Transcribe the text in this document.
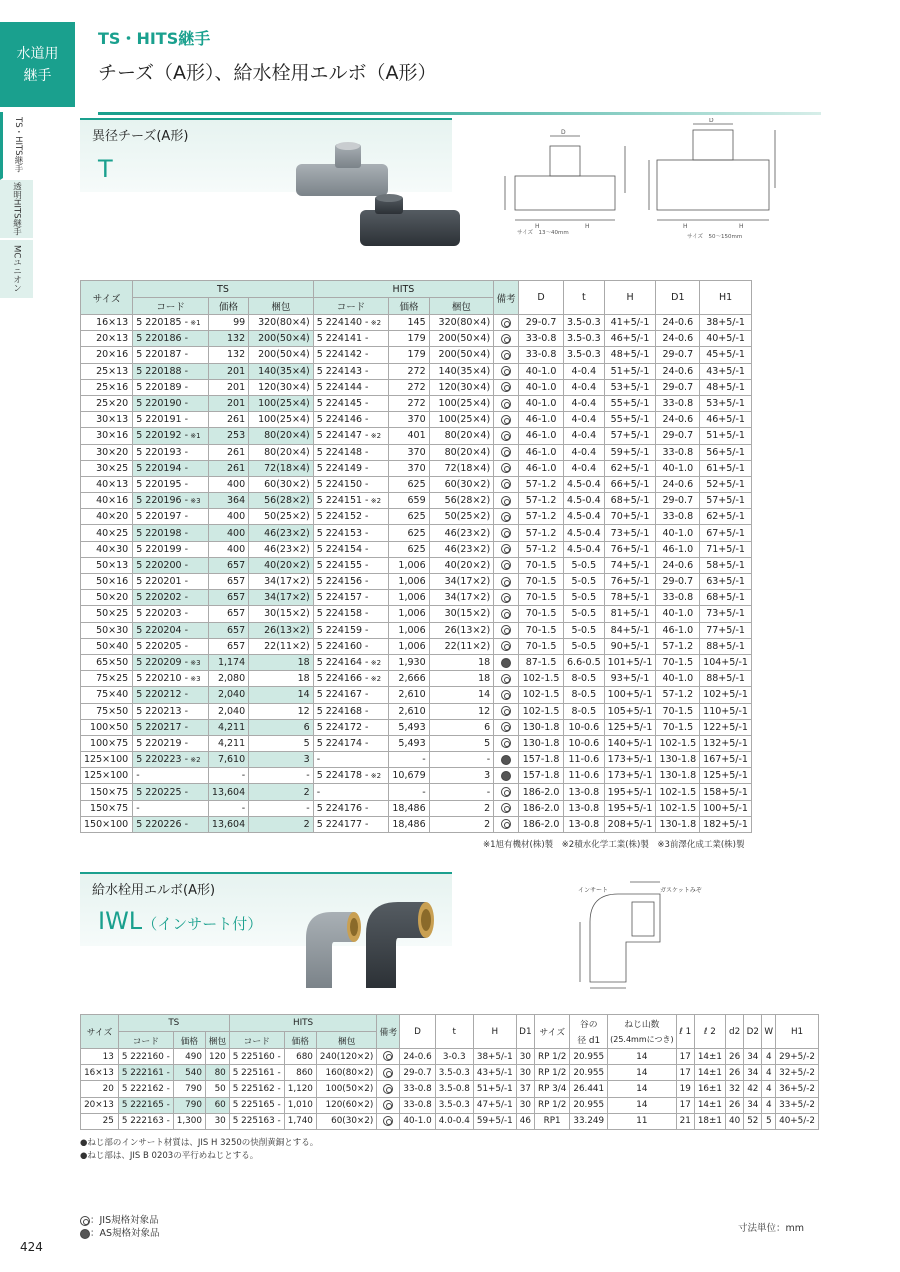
水道用
継手
TS・HITS継手
透明HITS継手
MCユニオン
TS・HITS継手
チーズ（A形）、給水栓用エルボ（A形）
異径チーズ(A形)
T
D
H	H
サイズ　13〜40mm
D
H	H
サイズ　50〜150mm
サイズ	TS			HITS			備考	D	t	H	D1	H1
	コード	価格	梱包	コード	価格	梱包						
16×13	5 220185 - ※1	99	320(80×4)	5 224140 - ※2	145	320(80×4)		29-0.7	3.5-0.3	41+5/-1	24-0.6	38+5/-1
20×13	5 220186 -	132	200(50×4)	5 224141 -	179	200(50×4)		33-0.8	3.5-0.3	46+5/-1	24-0.6	40+5/-1
20×16	5 220187 -	132	200(50×4)	5 224142 -	179	200(50×4)		33-0.8	3.5-0.3	48+5/-1	29-0.7	45+5/-1
25×13	5 220188 -	201	140(35×4)	5 224143 -	272	140(35×4)		40-1.0	4-0.4	51+5/-1	24-0.6	43+5/-1
25×16	5 220189 -	201	120(30×4)	5 224144 -	272	120(30×4)		40-1.0	4-0.4	53+5/-1	29-0.7	48+5/-1
25×20	5 220190 -	201	100(25×4)	5 224145 -	272	100(25×4)		40-1.0	4-0.4	55+5/-1	33-0.8	53+5/-1
30×13	5 220191 -	261	100(25×4)	5 224146 -	370	100(25×4)		46-1.0	4-0.4	55+5/-1	24-0.6	46+5/-1
30×16	5 220192 - ※1	253	80(20×4)	5 224147 - ※2	401	80(20×4)		46-1.0	4-0.4	57+5/-1	29-0.7	51+5/-1
30×20	5 220193 -	261	80(20×4)	5 224148 -	370	80(20×4)		46-1.0	4-0.4	59+5/-1	33-0.8	56+5/-1
30×25	5 220194 -	261	72(18×4)	5 224149 -	370	72(18×4)		46-1.0	4-0.4	62+5/-1	40-1.0	61+5/-1
40×13	5 220195 -	400	60(30×2)	5 224150 -	625	60(30×2)		57-1.2	4.5-0.4	66+5/-1	24-0.6	52+5/-1
40×16	5 220196 - ※3	364	56(28×2)	5 224151 - ※2	659	56(28×2)		57-1.2	4.5-0.4	68+5/-1	29-0.7	57+5/-1
40×20	5 220197 -	400	50(25×2)	5 224152 -	625	50(25×2)		57-1.2	4.5-0.4	70+5/-1	33-0.8	62+5/-1
40×25	5 220198 -	400	46(23×2)	5 224153 -	625	46(23×2)		57-1.2	4.5-0.4	73+5/-1	40-1.0	67+5/-1
40×30	5 220199 -	400	46(23×2)	5 224154 -	625	46(23×2)		57-1.2	4.5-0.4	76+5/-1	46-1.0	71+5/-1
50×13	5 220200 -	657	40(20×2)	5 224155 -	1,006	40(20×2)		70-1.5	5-0.5	74+5/-1	24-0.6	58+5/-1
50×16	5 220201 -	657	34(17×2)	5 224156 -	1,006	34(17×2)		70-1.5	5-0.5	76+5/-1	29-0.7	63+5/-1
50×20	5 220202 -	657	34(17×2)	5 224157 -	1,006	34(17×2)		70-1.5	5-0.5	78+5/-1	33-0.8	68+5/-1
50×25	5 220203 -	657	30(15×2)	5 224158 -	1,006	30(15×2)		70-1.5	5-0.5	81+5/-1	40-1.0	73+5/-1
50×30	5 220204 -	657	26(13×2)	5 224159 -	1,006	26(13×2)		70-1.5	5-0.5	84+5/-1	46-1.0	77+5/-1
50×40	5 220205 -	657	22(11×2)	5 224160 -	1,006	22(11×2)		70-1.5	5-0.5	90+5/-1	57-1.2	88+5/-1
65×50	5 220209 - ※3	1,174	18	5 224164 - ※2	1,930	18		87-1.5	6.6-0.5	101+5/-1	70-1.5	104+5/-1
75×25	5 220210 - ※3	2,080	18	5 224166 - ※2	2,666	18		102-1.5	8-0.5	93+5/-1	40-1.0	88+5/-1
75×40	5 220212 -	2,040	14	5 224167 -	2,610	14		102-1.5	8-0.5	100+5/-1	57-1.2	102+5/-1
75×50	5 220213 -	2,040	12	5 224168 -	2,610	12		102-1.5	8-0.5	105+5/-1	70-1.5	110+5/-1
100×50	5 220217 -	4,211	6	5 224172 -	5,493	6		130-1.8	10-0.6	125+5/-1	70-1.5	122+5/-1
100×75	5 220219 -	4,211	5	5 224174 -	5,493	5		130-1.8	10-0.6	140+5/-1	102-1.5	132+5/-1
125×100	5 220223 - ※2	7,610	3	-	-	-		157-1.8	11-0.6	173+5/-1	130-1.8	167+5/-1
125×100	-	-	-	5 224178 - ※2	10,679	3		157-1.8	11-0.6	173+5/-1	130-1.8	125+5/-1
150×75	5 220225 -	13,604	2	-	-	-		186-2.0	13-0.8	195+5/-1	102-1.5	158+5/-1
150×75	-	-	-	5 224176 -	18,486	2		186-2.0	13-0.8	195+5/-1	102-1.5	100+5/-1
150×100	5 220226 -	13,604	2	5 224177 -	18,486	2		186-2.0	13-0.8	208+5/-1	130-1.8	182+5/-1
※1旭有機材(株)製　※2積水化学工業(株)製　※3前澤化成工業(株)製
給水栓用エルボ(A形)
IWL（インサート付）
インサート	ガスケットみぞ
サイズ	TS			HITS			備考	D	t	H	D1	サイズ	谷の	ねじ山数	ℓ 1	ℓ 2	d2	D2	W	H1
	コード	価格	梱包	コード	価格	梱包							径 d1	(25.4mmにつき)						
13	5 222160 -	490	120	5 225160 -	680	240(120×2)		24-0.6	3-0.3	38+5/-1	30	RP 1/2	20.955	14	17	14±1	26	34	4	29+5/-2
16×13	5 222161 -	540	80	5 225161 -	860	160(80×2)		29-0.7	3.5-0.3	43+5/-1	30	RP 1/2	20.955	14	17	14±1	26	34	4	32+5/-2
20	5 222162 -	790	50	5 225162 -	1,120	100(50×2)		33-0.8	3.5-0.8	51+5/-1	37	RP 3/4	26.441	14	19	16±1	32	42	4	36+5/-2
20×13	5 222165 -	790	60	5 225165 -	1,010	120(60×2)		33-0.8	3.5-0.3	47+5/-1	30	RP 1/2	20.955	14	17	14±1	26	34	4	33+5/-2
25	5 222163 -	1,300	30	5 225163 -	1,740	60(30×2)		40-1.0	4.0-0.4	59+5/-1	46	RP1	33.249	11	21	18±1	40	52	5	40+5/-2
●ねじ部のインサート材質は、JIS H 3250の快削黄銅とする。
●ねじ部は、JIS B 0203の平行めねじとする。
：JIS規格対象品
：AS規格対象品	寸法単位：mm
424
